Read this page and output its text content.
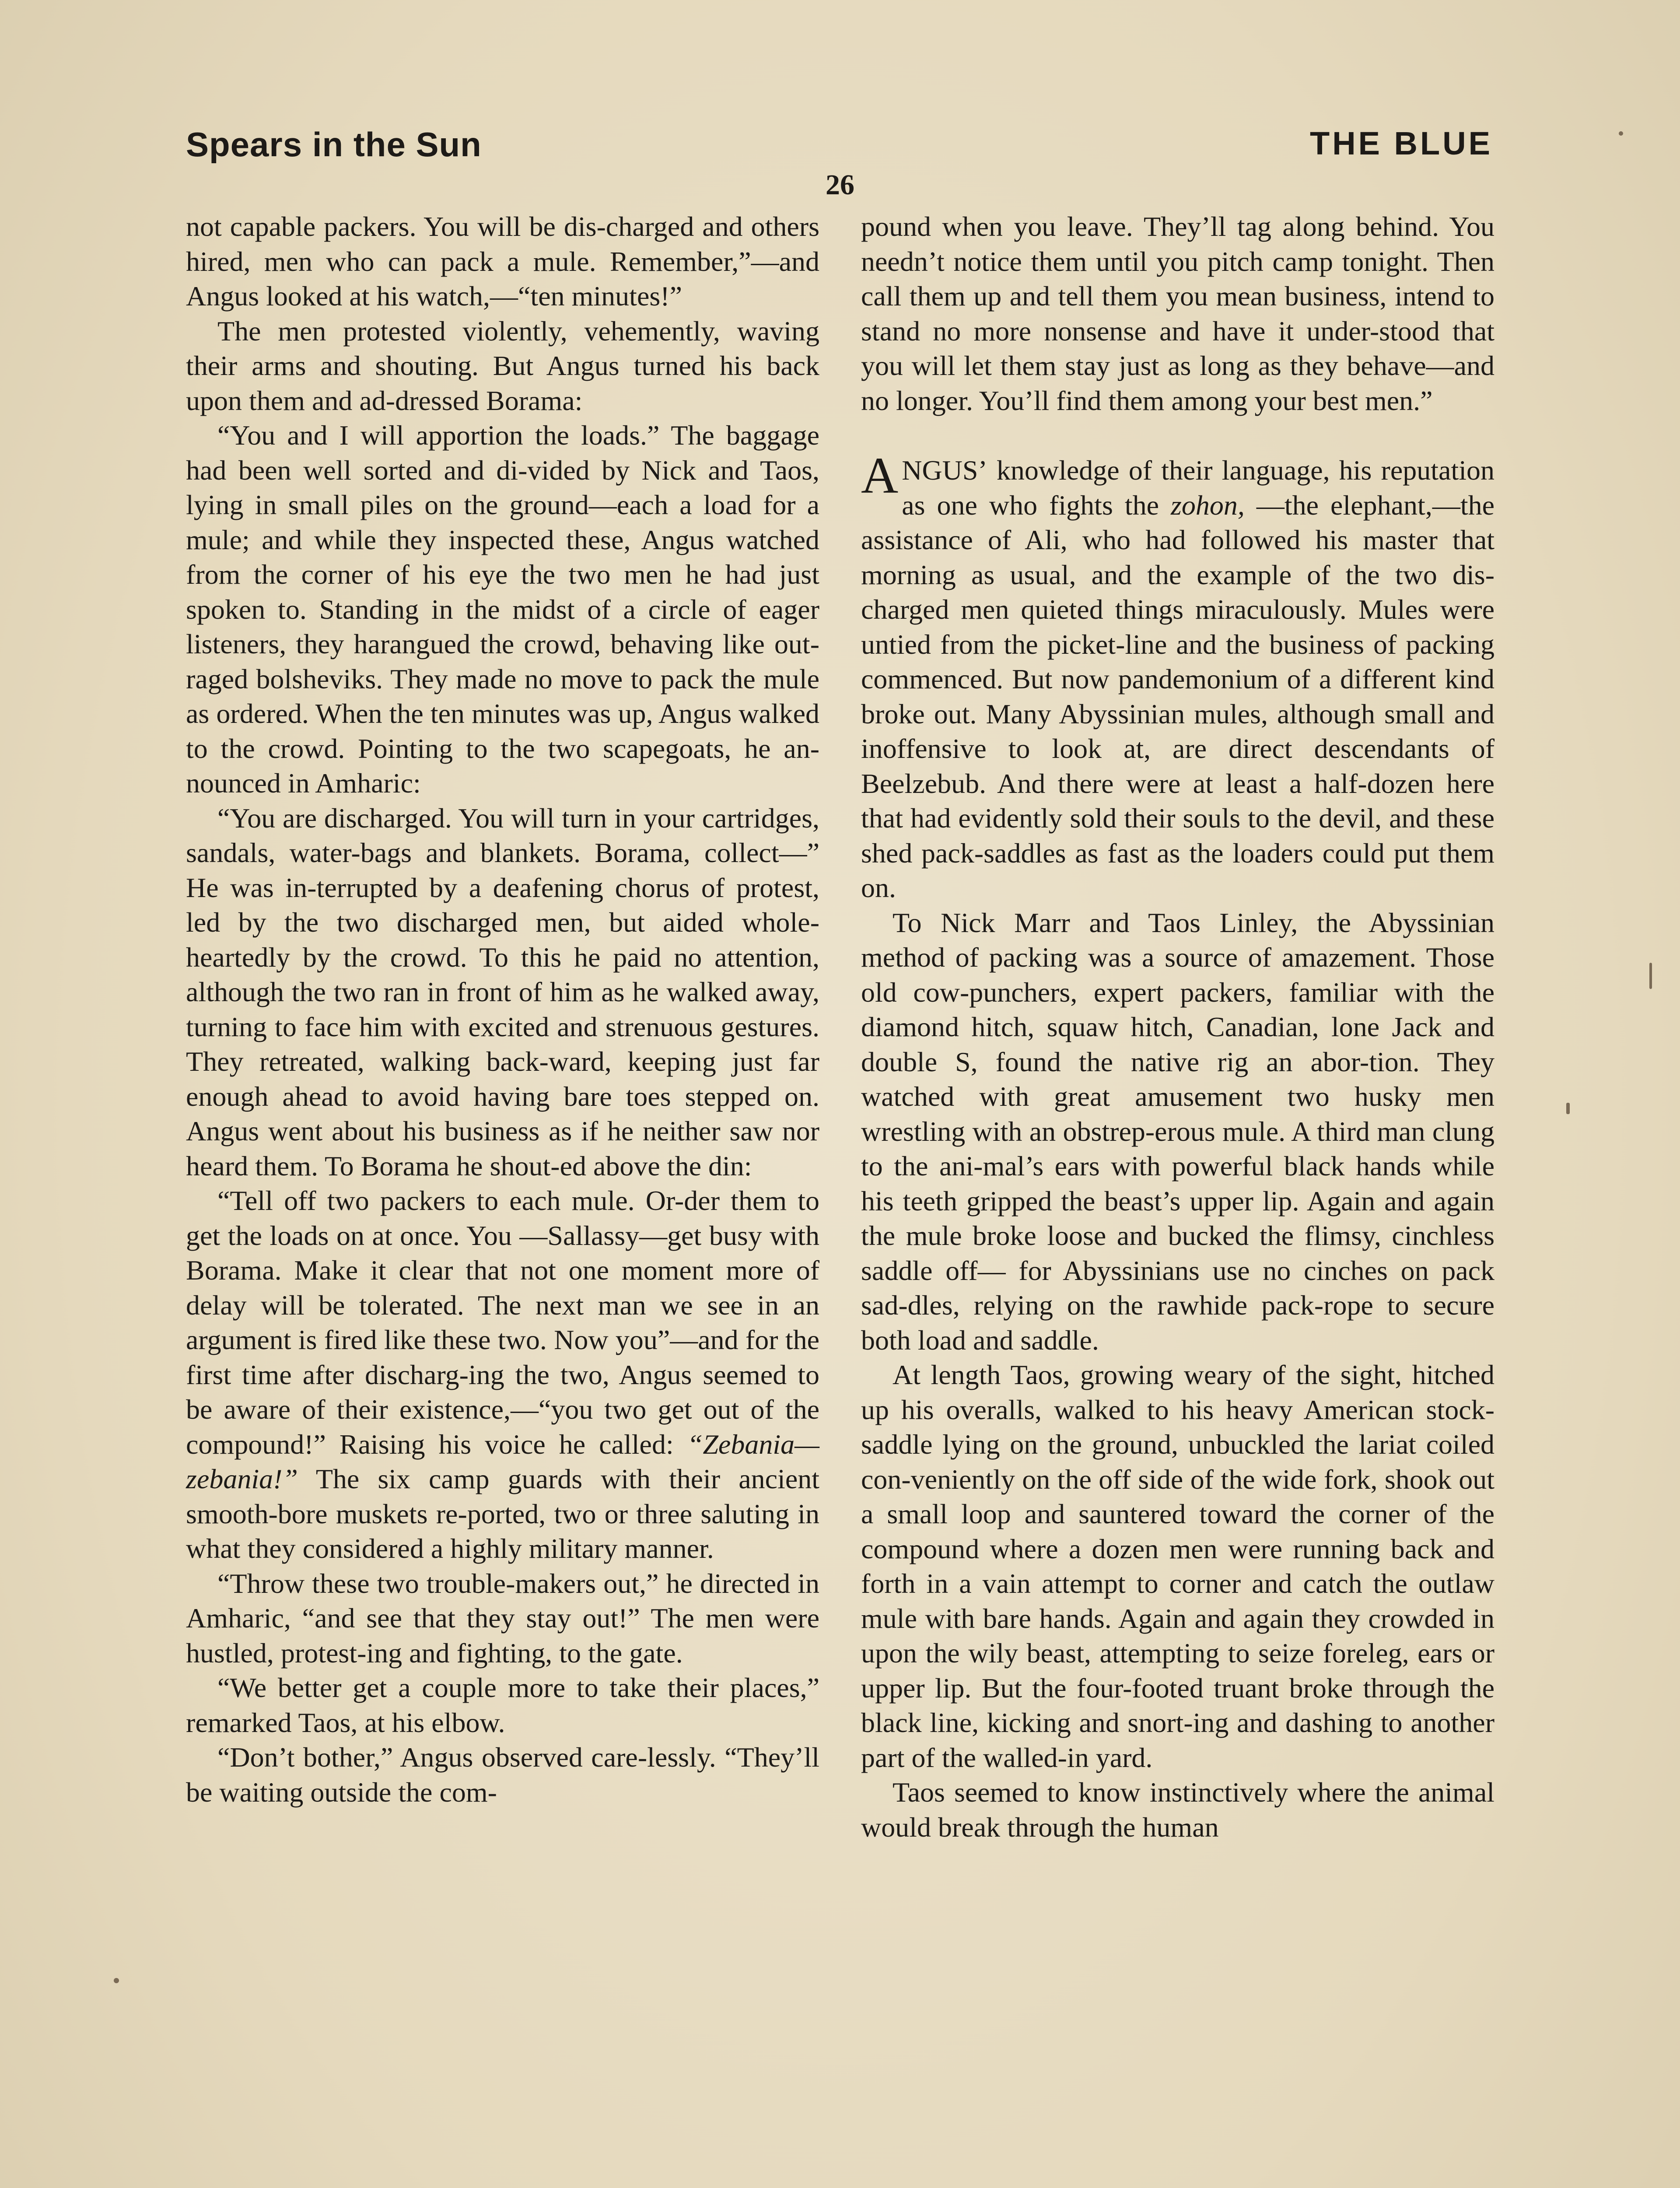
Spears in the Sun	THE BLUE
26

not capable packers. You will be dis-charged and others hired, men who can pack a mule. Remember,”—and Angus looked at his watch,—“ten minutes!”

The men protested violently, vehemently, waving their arms and shouting. But Angus turned his back upon them and ad-dressed Borama:

“You and I will apportion the loads.” The baggage had been well sorted and di-vided by Nick and Taos, lying in small piles on the ground—each a load for a mule; and while they inspected these, Angus watched from the corner of his eye the two men he had just spoken to. Standing in the midst of a circle of eager listeners, they harangued the crowd, behaving like out-raged bolsheviks. They made no move to pack the mule as ordered. When the ten minutes was up, Angus walked to the crowd. Pointing to the two scapegoats, he an-nounced in Amharic:

“You are discharged. You will turn in your cartridges, sandals, water-bags and blankets. Borama, collect—” He was in-terrupted by a deafening chorus of protest, led by the two discharged men, but aided whole-heartedly by the crowd. To this he paid no attention, although the two ran in front of him as he walked away, turning to face him with excited and strenuous gestures. They retreated, walking back-ward, keeping just far enough ahead to avoid having bare toes stepped on. Angus went about his business as if he neither saw nor heard them. To Borama he shout-ed above the din:

“Tell off two packers to each mule. Or-der them to get the loads on at once. You —Sallassy—get busy with Borama. Make it clear that not one moment more of delay will be tolerated. The next man we see in an argument is fired like these two. Now you”—and for the first time after discharg-ing the two, Angus seemed to be aware of their existence,—“you two get out of the compound!” Raising his voice he called: “Zebania—zebania!” The six camp guards with their ancient smooth-bore muskets re-ported, two or three saluting in what they considered a highly military manner.

“Throw these two trouble-makers out,” he directed in Amharic, “and see that they stay out!” The men were hustled, protest-ing and fighting, to the gate.

“We better get a couple more to take their places,” remarked Taos, at his elbow.

“Don’t bother,” Angus observed care-lessly. “They’ll be waiting outside the com-

pound when you leave. They’ll tag along behind. You needn’t notice them until you pitch camp tonight. Then call them up and tell them you mean business, intend to stand no more nonsense and have it under-stood that you will let them stay just as long as they behave—and no longer. You’ll find them among your best men.”

ANGUS’ knowledge of their language, his reputation as one who fights the zohon, —the elephant,—the assistance of Ali, who had followed his master that morning as usual, and the example of the two dis-charged men quieted things miraculously. Mules were untied from the picket-line and the business of packing commenced. But now pandemonium of a different kind broke out. Many Abyssinian mules, although small and inoffensive to look at, are direct descendants of Beelzebub. And there were at least a half-dozen here that had evidently sold their souls to the devil, and these shed pack-saddles as fast as the loaders could put them on.

To Nick Marr and Taos Linley, the Abyssinian method of packing was a source of amazement. Those old cow-punchers, expert packers, familiar with the diamond hitch, squaw hitch, Canadian, lone Jack and double S, found the native rig an abor-tion. They watched with great amusement two husky men wrestling with an obstrep-erous mule. A third man clung to the ani-mal’s ears with powerful black hands while his teeth gripped the beast’s upper lip. Again and again the mule broke loose and bucked the flimsy, cinchless saddle off— for Abyssinians use no cinches on pack sad-dles, relying on the rawhide pack-rope to secure both load and saddle.

At length Taos, growing weary of the sight, hitched up his overalls, walked to his heavy American stock-saddle lying on the ground, unbuckled the lariat coiled con-veniently on the off side of the wide fork, shook out a small loop and sauntered toward the corner of the compound where a dozen men were running back and forth in a vain attempt to corner and catch the outlaw mule with bare hands. Again and again they crowded in upon the wily beast, attempting to seize foreleg, ears or upper lip. But the four-footed truant broke through the black line, kicking and snort-ing and dashing to another part of the walled-in yard.

Taos seemed to know instinctively where the animal would break through the human
